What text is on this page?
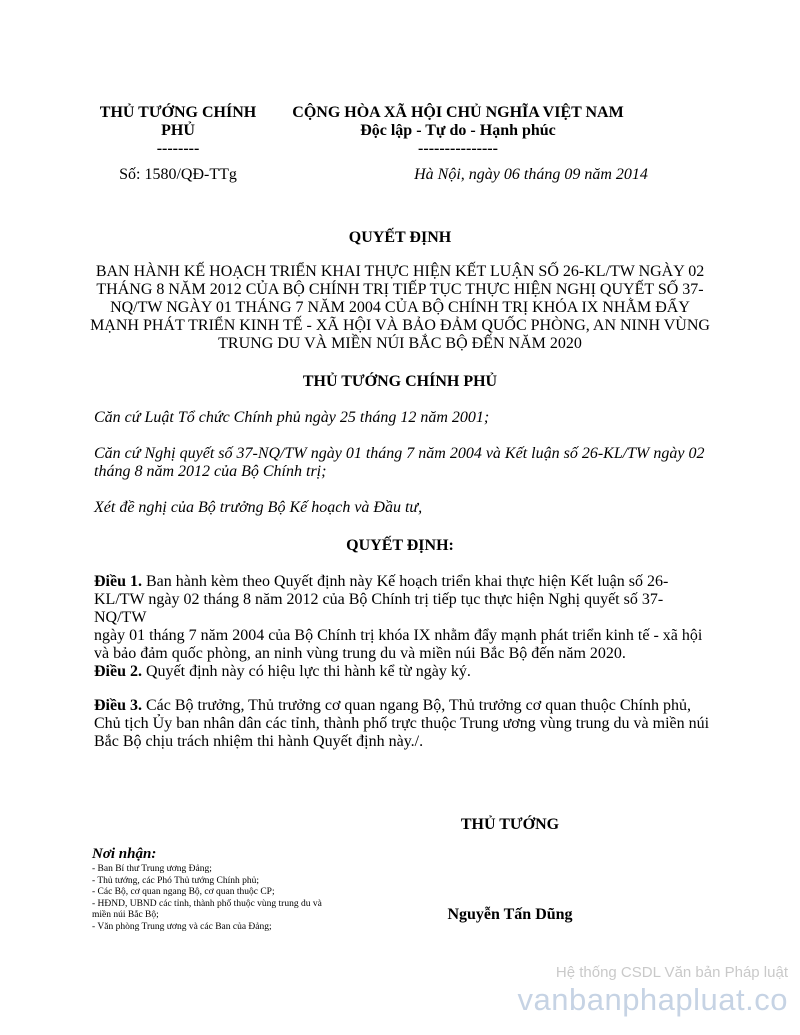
THỦ TƯỚNG CHÍNH
PHỦ
--------
Số: 1580/QĐ-TTg
CỘNG HÒA XÃ HỘI CHỦ NGHĨA VIỆT NAM
Độc lập - Tự do - Hạnh phúc
---------------
Hà Nội, ngày 06 tháng 09 năm 2014
QUYẾT ĐỊNH
BAN HÀNH KẾ HOẠCH TRIỂN KHAI THỰC HIỆN KẾT LUẬN SỐ 26-KL/TW NGÀY 02
THÁNG 8 NĂM 2012 CỦA BỘ CHÍNH TRỊ TIẾP TỤC THỰC HIỆN NGHỊ QUYẾT SỐ 37-
NQ/TW NGÀY 01 THÁNG 7 NĂM 2004 CỦA BỘ CHÍNH TRỊ KHÓA IX NHẰM ĐẨY
MẠNH PHÁT TRIỂN KINH TẾ - XÃ HỘI VÀ BẢO ĐẢM QUỐC PHÒNG, AN NINH VÙNG
TRUNG DU VÀ MIỀN NÚI BẮC BỘ ĐẾN NĂM 2020
THỦ TƯỚNG CHÍNH PHỦ
Căn cứ Luật Tổ chức Chính phủ ngày 25 tháng 12 năm 2001;
Căn cứ Nghị quyết số 37-NQ/TW ngày 01 tháng 7 năm 2004 và Kết luận số 26-KL/TW ngày 02
tháng 8 năm 2012 của Bộ Chính trị;
Xét đề nghị của Bộ trưởng Bộ Kế hoạch và Đầu tư,
QUYẾT ĐỊNH:
Điều 1. Ban hành kèm theo Quyết định này Kế hoạch triển khai thực hiện Kết luận số 26-
KL/TW ngày 02 tháng 8 năm 2012 của Bộ Chính trị tiếp tục thực hiện Nghị quyết số 37-NQ/TW
ngày 01 tháng 7 năm 2004 của Bộ Chính trị khóa IX nhằm đẩy mạnh phát triển kinh tế - xã hội
và bảo đảm quốc phòng, an ninh vùng trung du và miền núi Bắc Bộ đến năm 2020.
Điều 2. Quyết định này có hiệu lực thi hành kể từ ngày ký.
Điều 3. Các Bộ trưởng, Thủ trưởng cơ quan ngang Bộ, Thủ trưởng cơ quan thuộc Chính phủ,
Chủ tịch Ủy ban nhân dân các tỉnh, thành phố trực thuộc Trung ương vùng trung du và miền núi
Bắc Bộ chịu trách nhiệm thi hành Quyết định này./.
Nơi nhận:
- Ban Bí thư Trung ương Đảng;
- Thủ tướng, các Phó Thủ tướng Chính phủ;
- Các Bộ, cơ quan ngang Bộ, cơ quan thuộc CP;
- HĐND, UBND các tỉnh, thành phố thuộc vùng trung du và
miền núi Bắc Bộ;
- Văn phòng Trung ương và các Ban của Đảng;
THỦ TƯỚNG
Nguyễn Tấn Dũng
Hệ thống CSDL Văn bản Pháp luật
vanbanphapluat.co
